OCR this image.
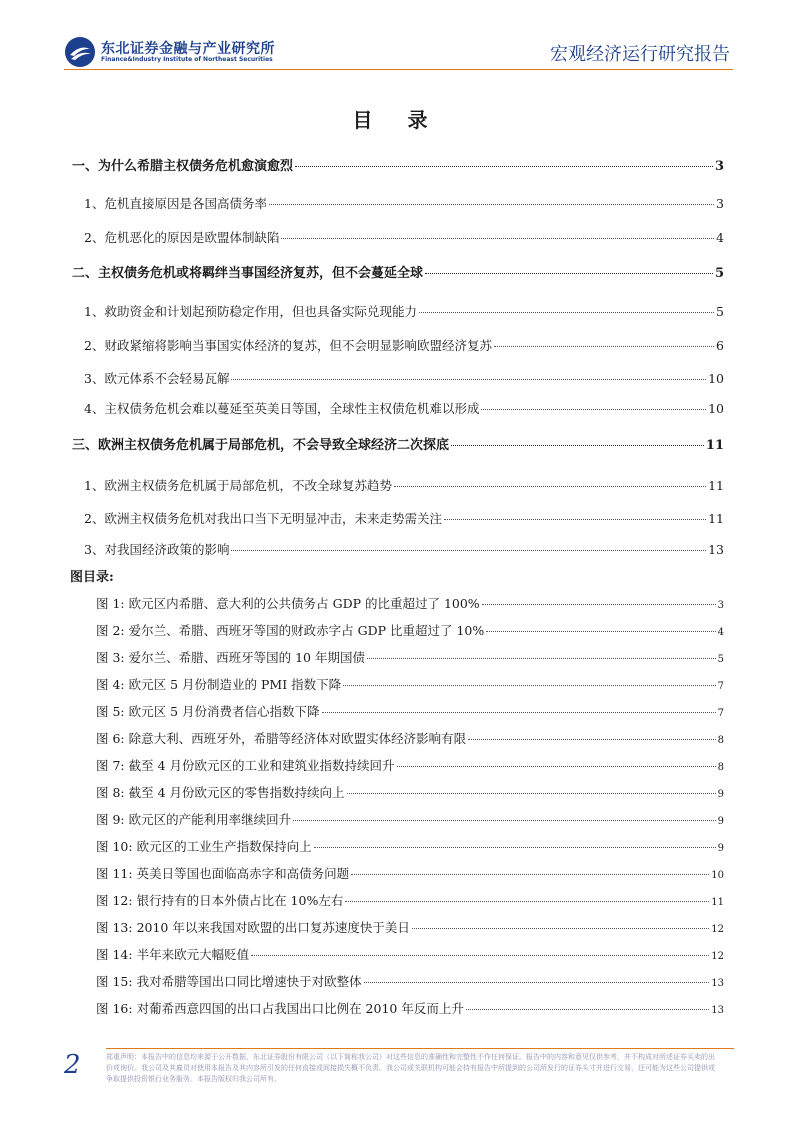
东北证券金融与产业研究所
Finance&Industry Institute of Northeast Securities	宏观经济运行研究报告
目 录
一、为什么希腊主权债务危机愈演愈烈	3
1、危机直接原因是各国高债务率	3
2、危机恶化的原因是欧盟体制缺陷	4
二、主权债务危机或将羁绊当事国经济复苏，但不会蔓延全球	5
1、救助资金和计划起预防稳定作用，但也具备实际兑现能力	5
2、财政紧缩将影响当事国实体经济的复苏，但不会明显影响欧盟经济复苏	6
3、欧元体系不会轻易瓦解	10
4、主权债务危机会难以蔓延至英美日等国，全球性主权债危机难以形成	10
三、欧洲主权债务危机属于局部危机，不会导致全球经济二次探底	11
1、欧洲主权债务危机属于局部危机，不改全球复苏趋势	11
2、欧洲主权债务危机对我出口当下无明显冲击，未来走势需关注	11
3、对我国经济政策的影响	13
图目录:
图 1: 欧元区内希腊、意大利的公共债务占 GDP 的比重超过了 100%	3
图 2: 爱尔兰、希腊、西班牙等国的财政赤字占 GDP 比重超过了 10%	4
图 3: 爱尔兰、希腊、西班牙等国的 10 年期国债	5
图 4: 欧元区 5 月份制造业的 PMI 指数下降	7
图 5: 欧元区 5 月份消费者信心指数下降	7
图 6: 除意大利、西班牙外，希腊等经济体对欧盟实体经济影响有限	8
图 7: 截至 4 月份欧元区的工业和建筑业指数持续回升	8
图 8: 截至 4 月份欧元区的零售指数持续向上	9
图 9: 欧元区的产能利用率继续回升	9
图 10: 欧元区的工业生产指数保持向上	9
图 11: 英美日等国也面临高赤字和高债务问题	10
图 12: 银行持有的日本外债占比在 10%左右	11
图 13: 2010 年以来我国对欧盟的出口复苏速度快于美日	12
图 14: 半年来欧元大幅贬值	12
图 15: 我对希腊等国出口同比增速快于对欧整体	13
图 16: 对葡希西意四国的出口占我国出口比例在 2010 年反而上升	13
2	郑重声明：本报告中的信息均来源于公开数据，东北证券股份有限公司（以下简称我公司）对这些信息的准确性和完整性不作任何保证。报告中的内容和意见仅供参考，并不构成对所述证券买卖的出价或询价。我公司及其雇员对使用本报告及其内容所引发的任何直接或间接损失概不负责。我公司或关联机构可能会持有报告中所提到的公司所发行的证券头寸并进行交易，还可能为这些公司提供或争取提供投资银行业务服务。本报告版权归我公司所有。
